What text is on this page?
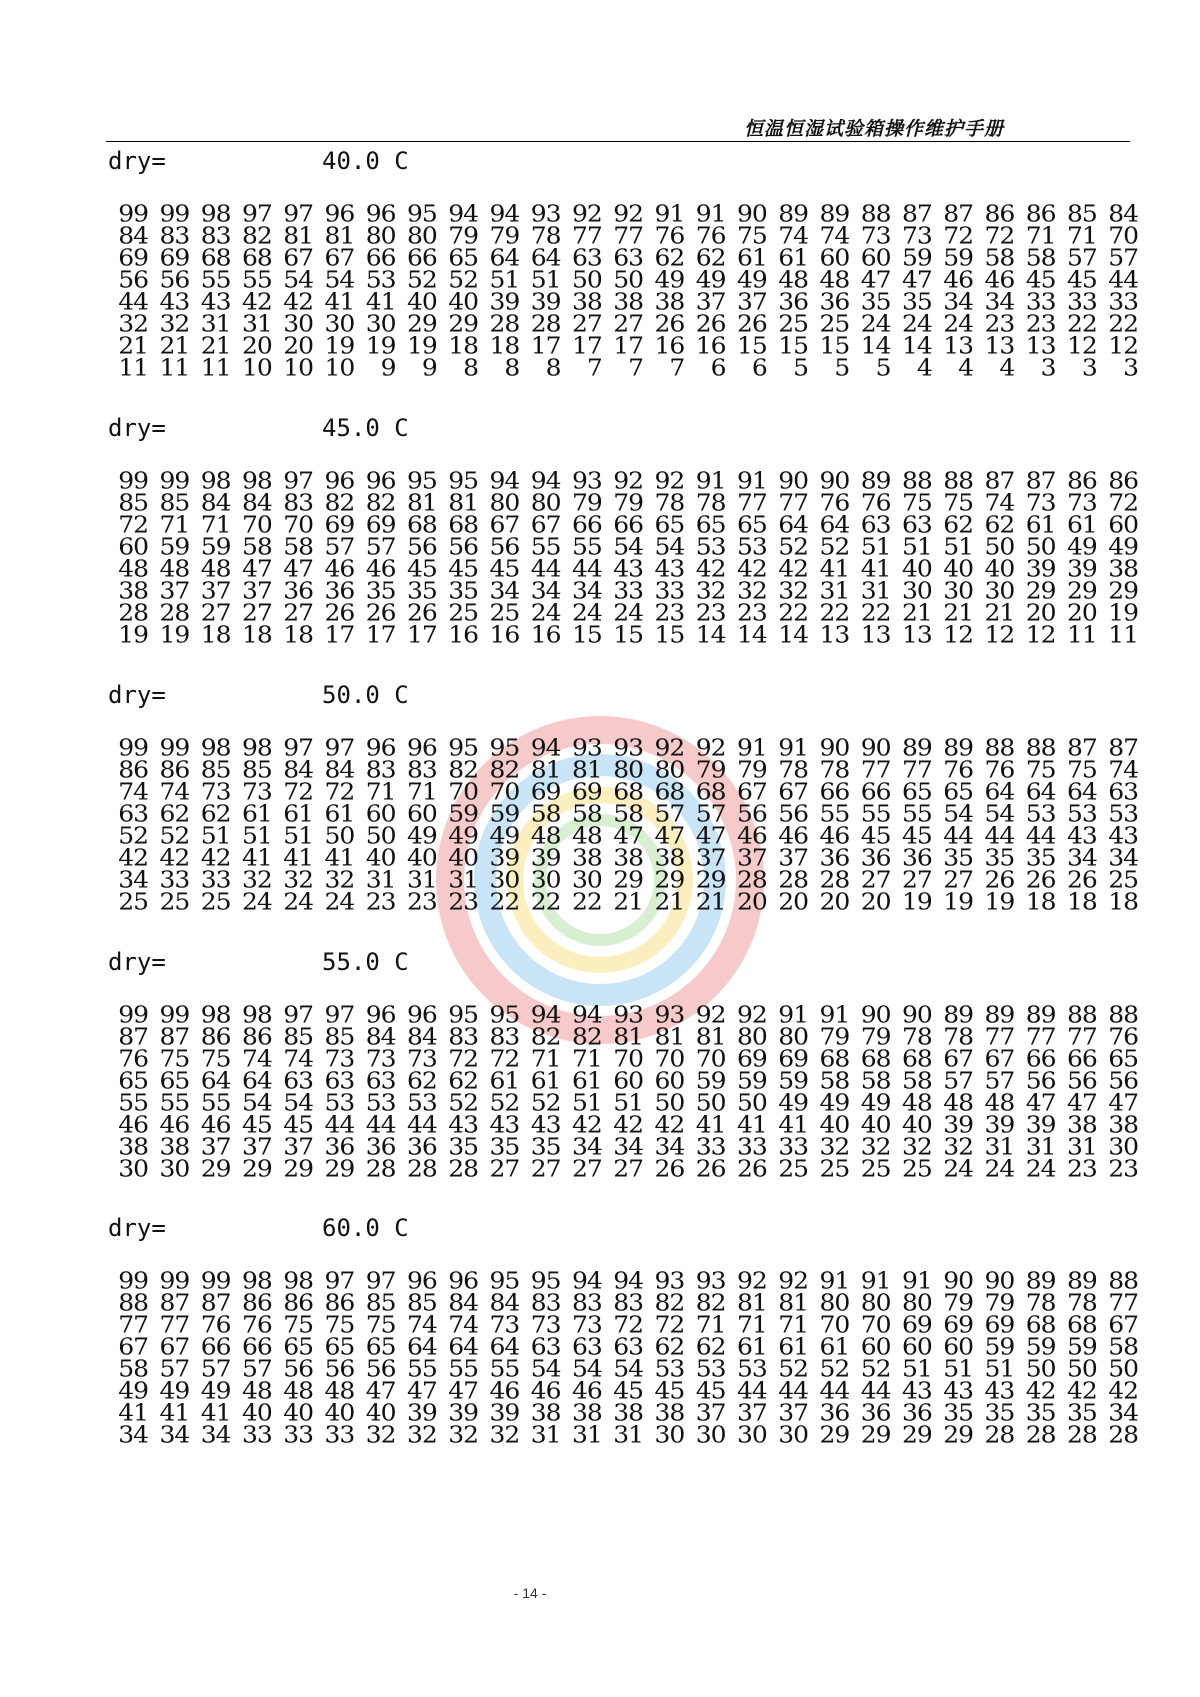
恒温恒湿试验箱操作维护手册
dry=	40.0 C
99 99 98 97 97 96 96 95 94 94 93 92 92 91 91 90 89 89 88 87 87 86 86 85 84
84 83 83 82 81 81 80 80 79 79 78 77 77 76 76 75 74 74 73 73 72 72 71 71 70
69 69 68 68 67 67 66 66 65 64 64 63 63 62 62 61 61 60 60 59 59 58 58 57 57
56 56 55 55 54 54 53 52 52 51 51 50 50 49 49 49 48 48 47 47 46 46 45 45 44
44 43 43 42 42 41 41 40 40 39 39 38 38 38 37 37 36 36 35 35 34 34 33 33 33
32 32 31 31 30 30 30 29 29 28 28 27 27 26 26 26 25 25 24 24 24 23 23 22 22
21 21 21 20 20 19 19 19 18 18 17 17 17 16 16 15 15 15 14 14 13 13 13 12 12
11 11 11 10 10 10	9	9	8	8	8	7	7	7	6	6	5	5	5	4	4	4	3	3	3
dry=	45.0 C
99 99 98 98 97 96 96 95 95 94 94 93 92 92 91 91 90 90 89 88 88 87 87 86 86
85 85 84 84 83 82 82 81 81 80 80 79 79 78 78 77 77 76 76 75 75 74 73 73 72
72 71 71 70 70 69 69 68 68 67 67 66 66 65 65 65 64 64 63 63 62 62 61 61 60
60 59 59 58 58 57 57 56 56 56 55 55 54 54 53 53 52 52 51 51 51 50 50 49 49
48 48 48 47 47 46 46 45 45 45 44 44 43 43 42 42 42 41 41 40 40 40 39 39 38
38 37 37 37 36 36 35 35 35 34 34 34 33 33 32 32 32 31 31 30 30 30 29 29 29
28 28 27 27 27 26 26 26 25 25 24 24 24 23 23 23 22 22 22 21 21 21 20 20 19
19 19 18 18 18 17 17 17 16 16 16 15 15 15 14 14 14 13 13 13 12 12 12 11 11
dry=	50.0 C
99 99 98 98 97 97 96 96 95 95 94 93 93 92 92 91 91 90 90 89 89 88 88 87 87
86 86 85 85 84 84 83 83 82 82 81 81 80 80 79 79 78 78 77 77 76 76 75 75 74
74 74 73 73 72 72 71 71 70 70 69 69 68 68 68 67 67 66 66 65 65 64 64 64 63
63 62 62 61 61 61 60 60 59 59 58 58 58 57 57 56 56 55 55 55 54 54 53 53 53
52 52 51 51 51 50 50 49 49 49 48 48 47 47 47 46 46 46 45 45 44 44 44 43 43
42 42 42 41 41 41 40 40 40 39 39 38 38 38 37 37 37 36 36 36 35 35 35 34 34
34 33 33 32 32 32 31 31 31 30 30 30 29 29 29 28 28 28 27 27 27 26 26 26 25
25 25 25 24 24 24 23 23 23 22 22 22 21 21 21 20 20 20 20 19 19 19 18 18 18
dry=	55.0 C
99 99 98 98 97 97 96 96 95 95 94 94 93 93 92 92 91 91 90 90 89 89 89 88 88
87 87 86 86 85 85 84 84 83 83 82 82 81 81 81 80 80 79 79 78 78 77 77 77 76
76 75 75 74 74 73 73 73 72 72 71 71 70 70 70 69 69 68 68 68 67 67 66 66 65
65 65 64 64 63 63 63 62 62 61 61 61 60 60 59 59 59 58 58 58 57 57 56 56 56
55 55 55 54 54 53 53 53 52 52 52 51 51 50 50 50 49 49 49 48 48 48 47 47 47
46 46 46 45 45 44 44 44 43 43 43 42 42 42 41 41 41 40 40 40 39 39 39 38 38
38 38 37 37 37 36 36 36 35 35 35 34 34 34 33 33 33 32 32 32 32 31 31 31 30
30 30 29 29 29 29 28 28 28 27 27 27 27 26 26 26 25 25 25 25 24 24 24 23 23
dry=	60.0 C
99 99 99 98 98 97 97 96 96 95 95 94 94 93 93 92 92 91 91 91 90 90 89 89 88
88 87 87 86 86 86 85 85 84 84 83 83 83 82 82 81 81 80 80 80 79 79 78 78 77
77 77 76 76 75 75 75 74 74 73 73 73 72 72 71 71 71 70 70 69 69 69 68 68 67
67 67 66 66 65 65 65 64 64 64 63 63 63 62 62 61 61 61 60 60 60 59 59 59 58
58 57 57 57 56 56 56 55 55 55 54 54 54 53 53 53 52 52 52 51 51 51 50 50 50
49 49 49 48 48 48 47 47 47 46 46 46 45 45 45 44 44 44 44 43 43 43 42 42 42
41 41 41 40 40 40 40 39 39 39 38 38 38 38 37 37 37 36 36 36 35 35 35 35 34
34 34 34 33 33 33 32 32 32 32 31 31 31 30 30 30 30 29 29 29 29 28 28 28 28
- 14 -
